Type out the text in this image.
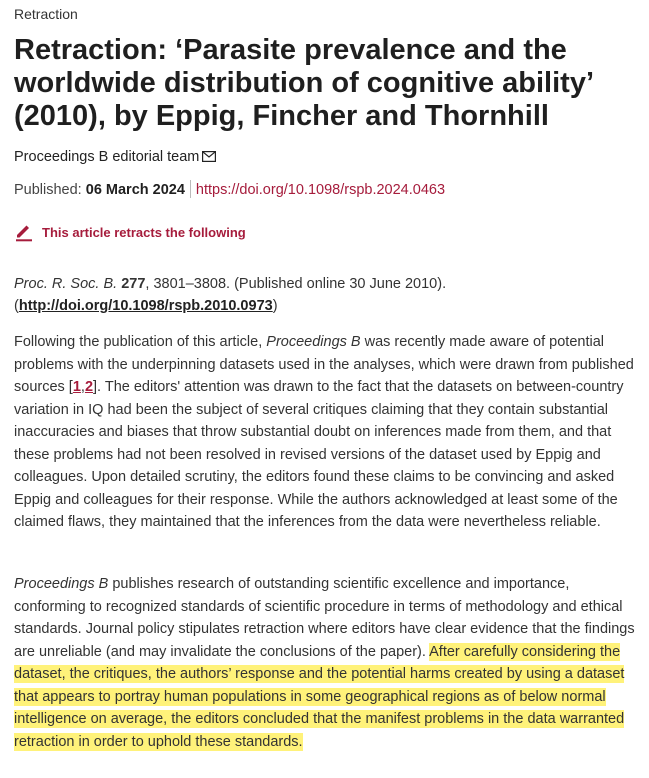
Retraction
Retraction: ‘Parasite prevalence and the worldwide distribution of cognitive ability’ (2010), by Eppig, Fincher and Thornhill
Proceedings B editorial team
Published: 06 March 2024 https://doi.org/10.1098/rspb.2024.0463
This article retracts the following
Proc. R. Soc. B. 277, 3801–3808. (Published online 30 June 2010).
(http://doi.org/10.1098/rspb.2010.0973)

Following the publication of this article, Proceedings B was recently made aware of potential problems with the underpinning datasets used in the analyses, which were drawn from published sources [1,2]. The editors' attention was drawn to the fact that the datasets on between-country variation in IQ had been the subject of several critiques claiming that they contain substantial inaccuracies and biases that throw substantial doubt on inferences made from them, and that these problems had not been resolved in revised versions of the dataset used by Eppig and colleagues. Upon detailed scrutiny, the editors found these claims to be convincing and asked Eppig and colleagues for their response. While the authors acknowledged at least some of the claimed flaws, they maintained that the inferences from the data were nevertheless reliable.

Proceedings B publishes research of outstanding scientific excellence and importance, conforming to recognized standards of scientific procedure in terms of methodology and ethical standards. Journal policy stipulates retraction where editors have clear evidence that the findings are unreliable (and may invalidate the conclusions of the paper). After carefully considering the dataset, the critiques, the authors’ response and the potential harms created by using a dataset that appears to portray human populations in some geographical regions as of below normal intelligence on average, the editors concluded that the manifest problems in the data warranted retraction in order to uphold these standards.
